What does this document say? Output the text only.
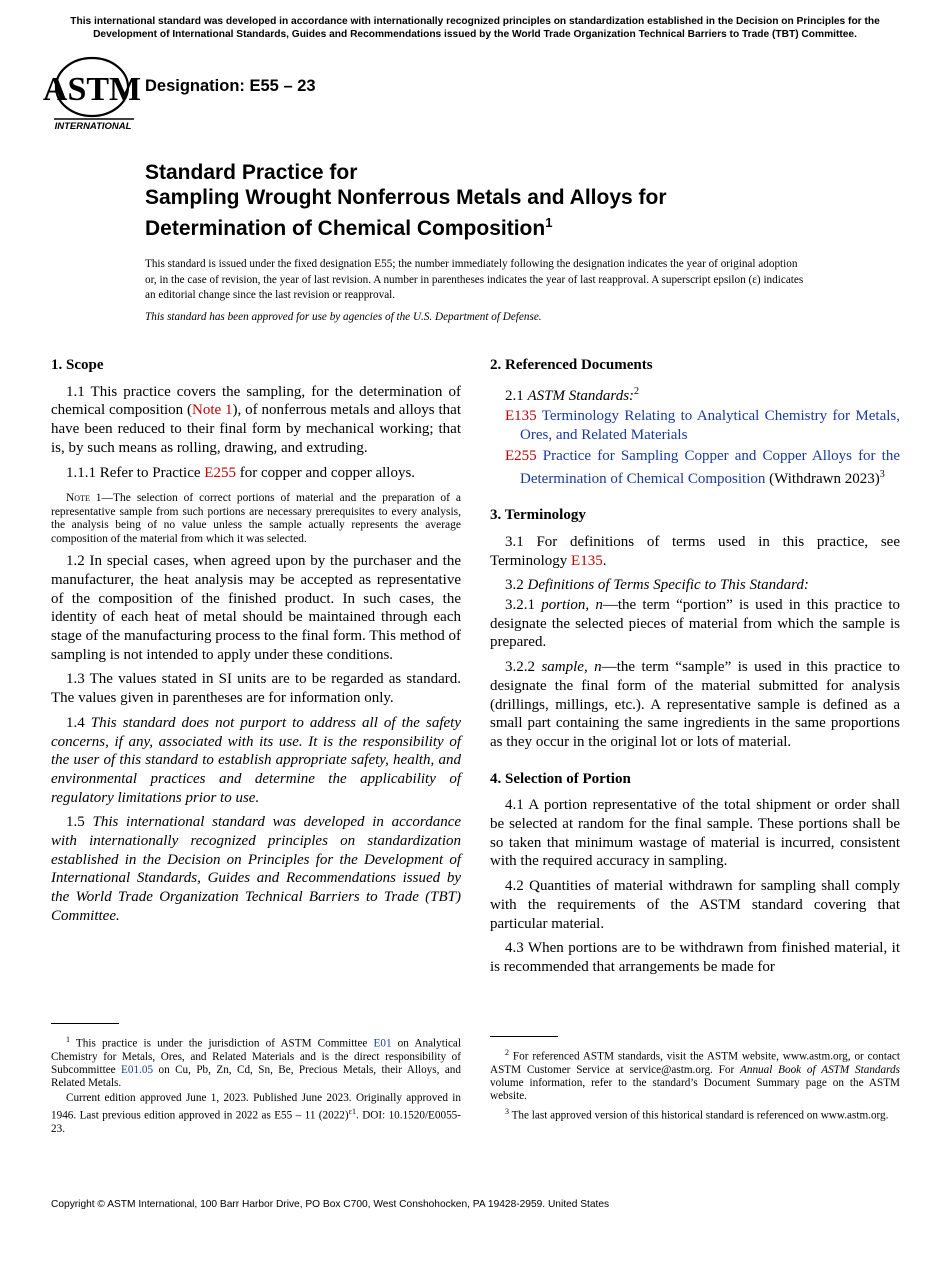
This international standard was developed in accordance with internationally recognized principles on standardization established in the Decision on Principles for the Development of International Standards, Guides and Recommendations issued by the World Trade Organization Technical Barriers to Trade (TBT) Committee.
ASTM
INTERNATIONAL
Designation: E55 – 23
Standard Practice for
Sampling Wrought Nonferrous Metals and Alloys for
Determination of Chemical Composition$^1$
This standard is issued under the fixed designation E55; the number immediately following the designation indicates the year of original adoption or, in the case of revision, the year of last revision. A number in parentheses indicates the year of last reapproval. A superscript epsilon (ε) indicates an editorial change since the last revision or reapproval.
This standard has been approved for use by agencies of the U.S. Department of Defense.
1. Scope

1.1 This practice covers the sampling, for the determination of chemical composition (Note 1), of nonferrous metals and alloys that have been reduced to their final form by mechanical working; that is, by such means as rolling, drawing, and extruding.

1.1.1 Refer to Practice E255 for copper and copper alloys.

Note 1—The selection of correct portions of material and the preparation of a representative sample from such portions are necessary prerequisites to every analysis, the analysis being of no value unless the sample actually represents the average composition of the material from which it was selected.

1.2 In special cases, when agreed upon by the purchaser and the manufacturer, the heat analysis may be accepted as representative of the composition of the finished product. In such cases, the identity of each heat of metal should be maintained through each stage of the manufacturing process to the final form. This method of sampling is not intended to apply under these conditions.

1.3 The values stated in SI units are to be regarded as standard. The values given in parentheses are for information only.

1.4 This standard does not purport to address all of the safety concerns, if any, associated with its use. It is the responsibility of the user of this standard to establish appropriate safety, health, and environmental practices and determine the applicability of regulatory limitations prior to use.

1.5 This international standard was developed in accordance with internationally recognized principles on standardization established in the Decision on Principles for the Development of International Standards, Guides and Recommendations issued by the World Trade Organization Technical Barriers to Trade (TBT) Committee.

2. Referenced Documents

2.1 ASTM Standards:$^2$

E135 Terminology Relating to Analytical Chemistry for Metals, Ores, and Related Materials
E255 Practice for Sampling Copper and Copper Alloys for the Determination of Chemical Composition (Withdrawn 2023)$^3$
3. Terminology

3.1 For definitions of terms used in this practice, see Terminology E135.

3.2 Definitions of Terms Specific to This Standard:

3.2.1 portion, n—the term “portion” is used in this practice to designate the selected pieces of material from which the sample is prepared.

3.2.2 sample, n—the term “sample” is used in this practice to designate the final form of the material submitted for analysis (drillings, millings, etc.). A representative sample is defined as a small part containing the same ingredients in the same proportions as they occur in the original lot or lots of material.

4. Selection of Portion

4.1 A portion representative of the total shipment or order shall be selected at random for the final sample. These portions shall be so taken that minimum wastage of material is incurred, consistent with the required accuracy in sampling.

4.2 Quantities of material withdrawn for sampling shall comply with the requirements of the ASTM standard covering that particular material.

4.3 When portions are to be withdrawn from finished material, it is recommended that arrangements be made for

$^1$ This practice is under the jurisdiction of ASTM Committee E01 on Analytical Chemistry for Metals, Ores, and Related Materials and is the direct responsibility of Subcommittee E01.05 on Cu, Pb, Zn, Cd, Sn, Be, Precious Metals, their Alloys, and Related Metals.

Current edition approved June 1, 2023. Published June 2023. Originally approved in 1946. Last previous edition approved in 2022 as E55 – 11 $(2022)^{\varepsilon 1}$. DOI: 10.1520/E0055-23.

$^2$ For referenced ASTM standards, visit the ASTM website, www.astm.org, or contact ASTM Customer Service at service@astm.org. For Annual Book of ASTM Standards volume information, refer to the standard’s Document Summary page on the ASTM website.

$^3$ The last approved version of this historical standard is referenced on www.astm.org.

Copyright © ASTM International, 100 Barr Harbor Drive, PO Box C700, West Conshohocken, PA 19428-2959. United States
